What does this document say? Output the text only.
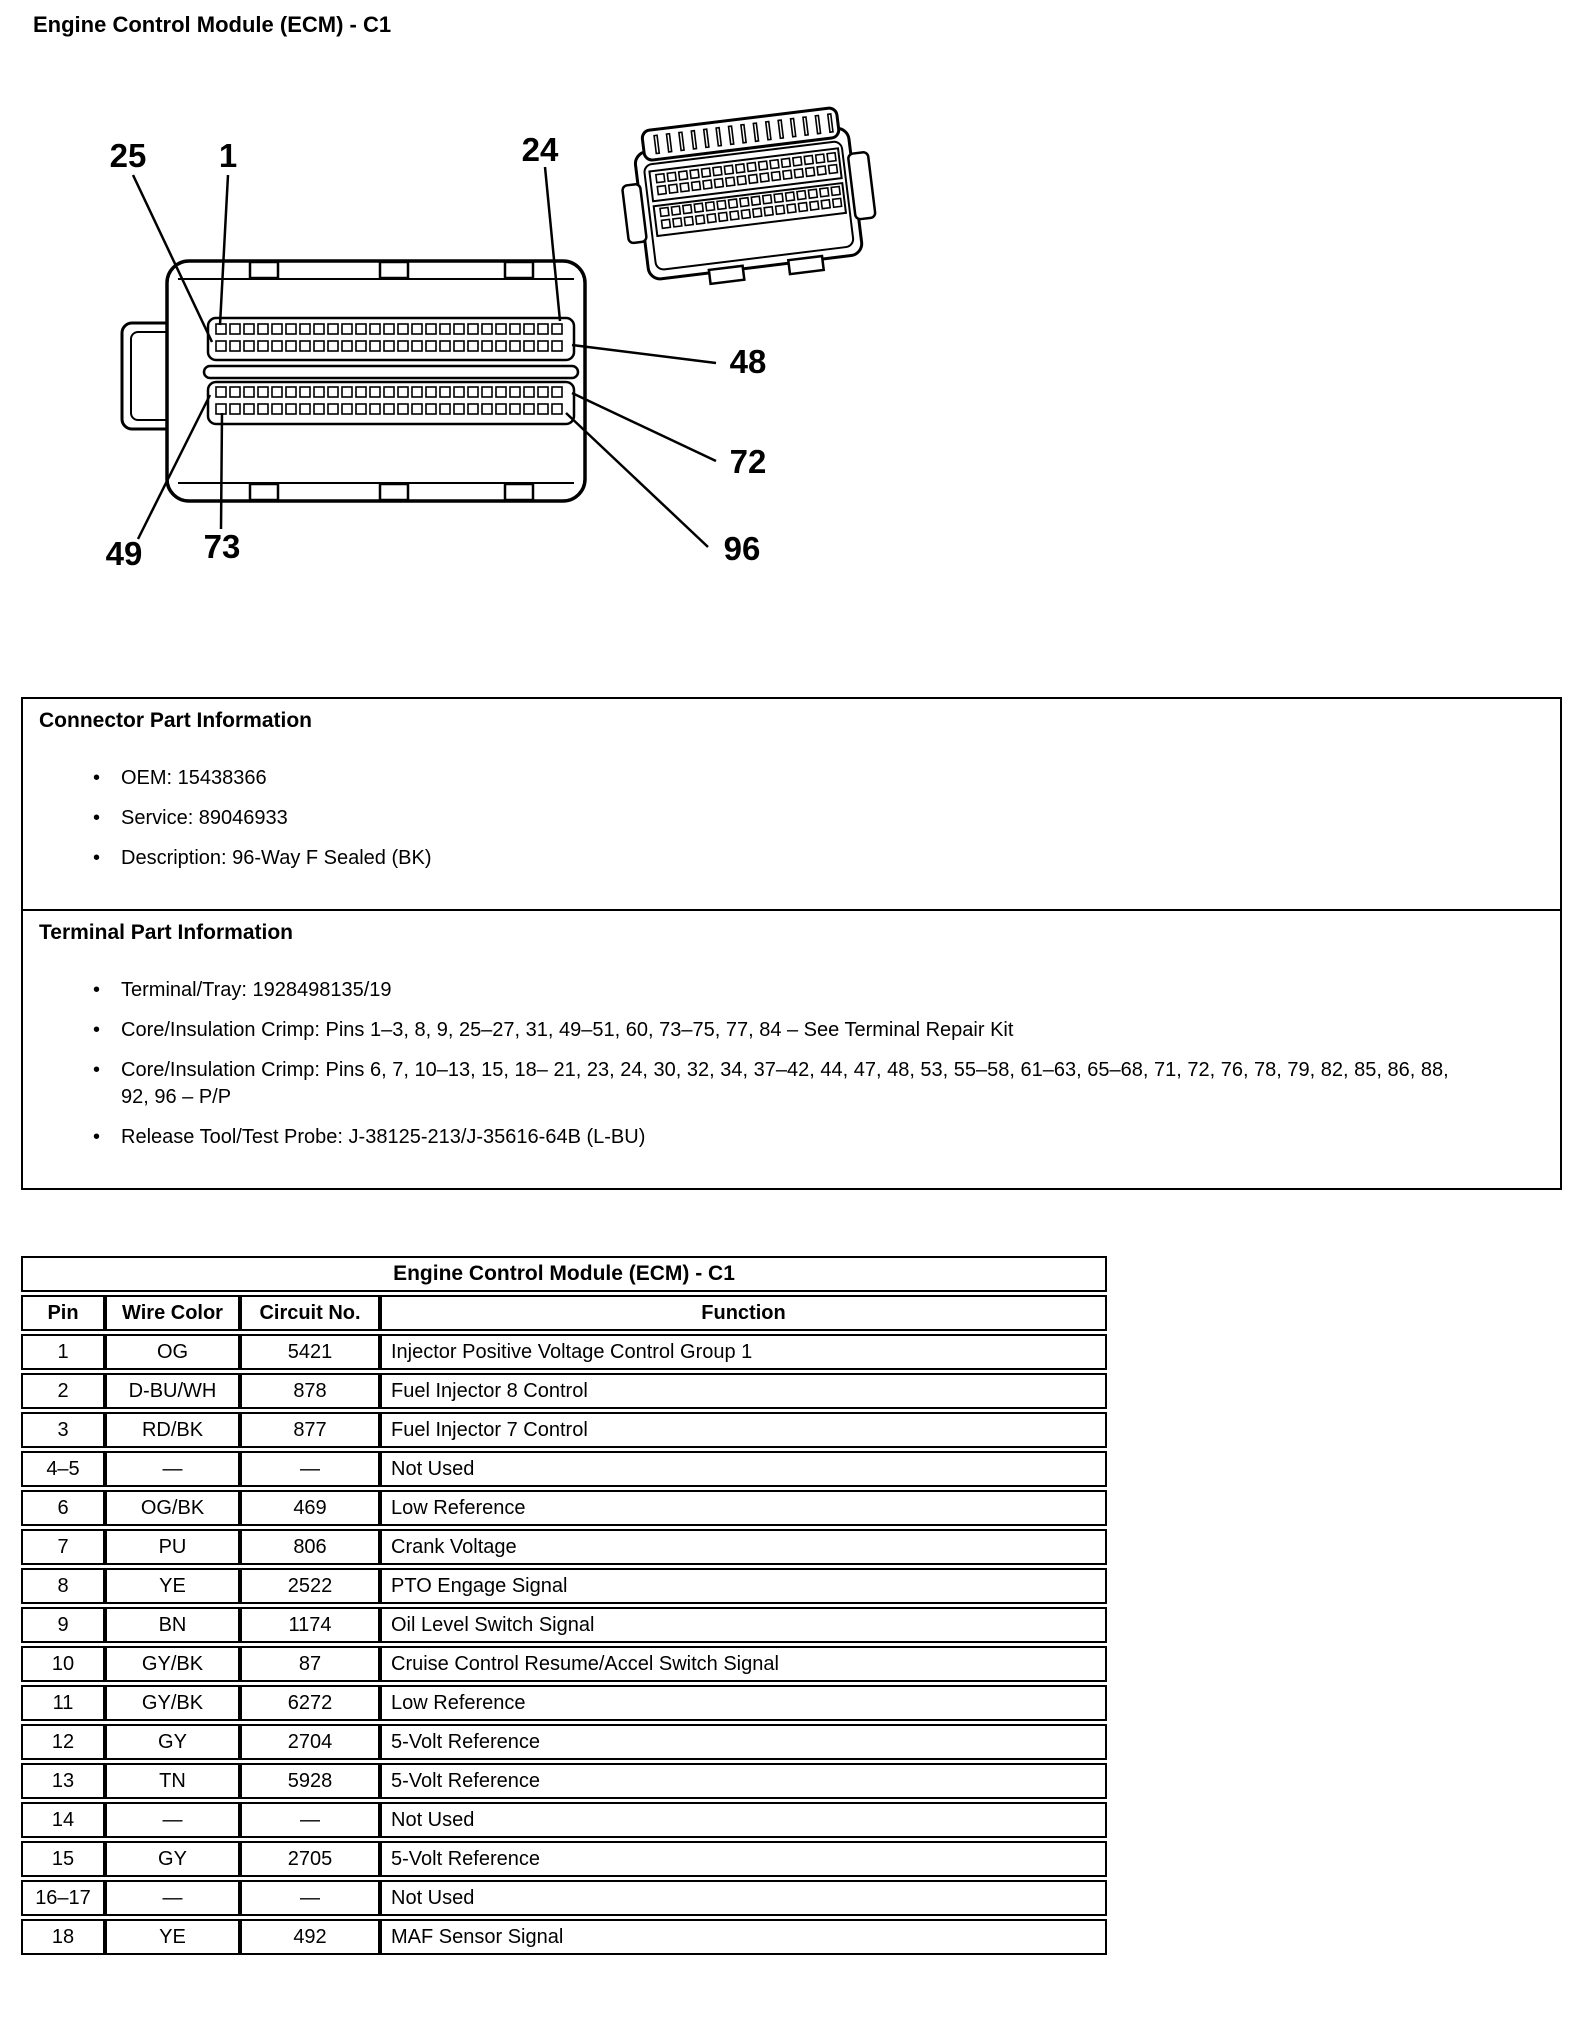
Engine Control Module (ECM) - C1
25 1	24
48
72
96
49 73
Connector Part Information
• OEM: 15438366
• Service: 89046933
• Description: 96-Way F Sealed (BK)
Terminal Part Information
• Terminal/Tray: 1928498135/19
• Core/Insulation Crimp: Pins 1–3, 8, 9, 25–27, 31, 49–51, 60, 73–75, 77, 84 – See Terminal Repair Kit
• Core/Insulation Crimp: Pins 6, 7, 10–13, 15, 18– 21, 23, 24, 30, 32, 34, 37–42, 44, 47, 48, 53, 55–58, 61–63, 65–68, 71, 72, 76, 78, 79, 82, 85, 86, 88, 92, 96 – P/P
• Release Tool/Test Probe: J-38125-213/J-35616-64B (L-BU)
Engine Control Module (ECM) - C1			
Pin	Wire Color	Circuit No.	Function
1	OG	5421	Injector Positive Voltage Control Group 1
2	D-BU/WH	878	Fuel Injector 8 Control
3	RD/BK	877	Fuel Injector 7 Control
4–5	—	—	Not Used
6	OG/BK	469	Low Reference
7	PU	806	Crank Voltage
8	YE	2522	PTO Engage Signal
9	BN	1174	Oil Level Switch Signal
10	GY/BK	87	Cruise Control Resume/Accel Switch Signal
11	GY/BK	6272	Low Reference
12	GY	2704	5-Volt Reference
13	TN	5928	5-Volt Reference
14	—	—	Not Used
15	GY	2705	5-Volt Reference
16–17	—	—	Not Used
18	YE	492	MAF Sensor Signal
